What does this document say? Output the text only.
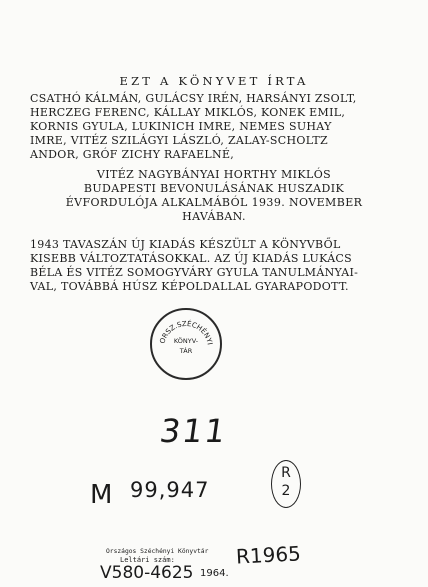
EZT A KÖNYVET ÍRTA
CSATHÓ KÁLMÁN, GULÁCSY IRÉN, HARSÁNYI ZSOLT,
HERCZEG FERENC, KÁLLAY MIKLÓS, KONEK EMIL,
KORNIS GYULA, LUKINICH IMRE, NEMES SUHAY
IMRE, VITÉZ SZILÁGYI LÁSZLÓ, ZALAY-SCHOLTZ
ANDOR, GRÓF ZICHY RAFAELNÉ,
VITÉZ NAGYBÁNYAI HORTHY MIKLÓS
BUDAPESTI BEVONULÁSÁNAK HUSZADIK
ÉVFORDULÓJA ALKALMÁBÓL 1939. NOVEMBER
HAVÁBAN.
1943 TAVASZÁN ÚJ KIADÁS KÉSZÜLT A KÖNYVBŐL
KISEBB VÁLTOZTATÁSOKKAL. AZ ÚJ KIADÁS LUKÁCS
BÉLA ÉS VITÉZ SOMOGYVÁRY GYULA TANULMÁNYAI-
VAL, TOVÁBBÁ HÚSZ KÉPOLDALLAL GYARAPODOTT.
ORSZ.SZÉCHÉNYI
KÖNYV-
TÁR
311
M 99,947
R
2
Országos Széchényi Könyvtár
Leltári szám:	R1965
V580-4625 1964.
